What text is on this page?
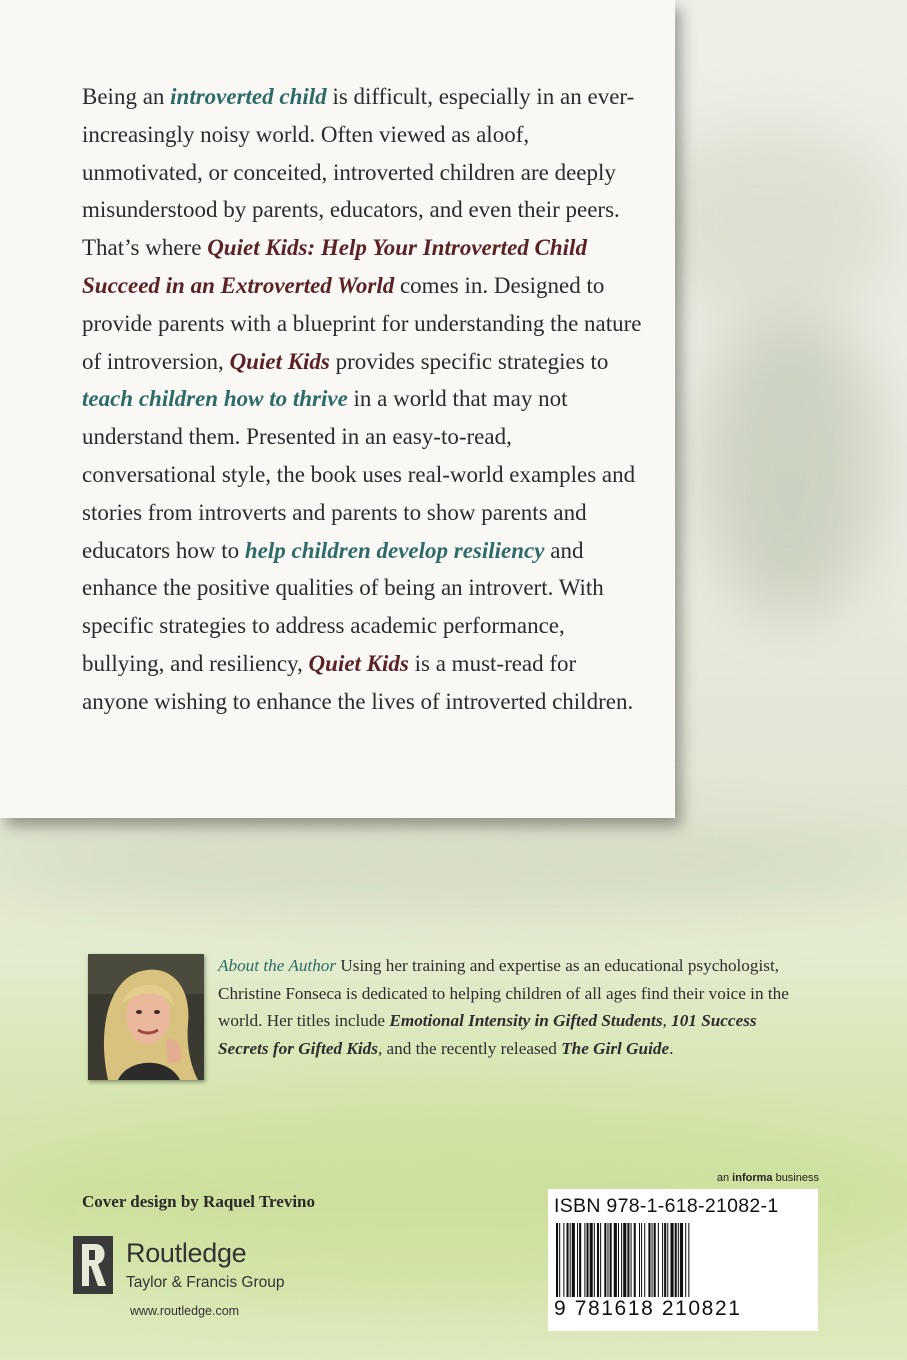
Being an introverted child is difficult, especially in an ever-increasingly noisy world. Often viewed as aloof, unmotivated, or conceited, introverted children are deeply misunderstood by parents, educators, and even their peers. That’s where Quiet Kids: Help Your Introverted Child Succeed in an Extroverted World comes in. Designed to provide parents with a blueprint for understanding the nature of introversion, Quiet Kids provides specific strategies to teach children how to thrive in a world that may not understand them. Presented in an easy-to-read, conversational style, the book uses real-world examples and stories from introverts and parents to show parents and educators how to help children develop resiliency and enhance the positive qualities of being an introvert. With specific strategies to address academic performance, bullying, and resiliency, Quiet Kids is a must-read for anyone wishing to enhance the lives of introverted children.
About the Author Using her training and expertise as an educational psychologist, Christine Fonseca is dedicated to helping children of all ages find their voice in the world. Her titles include Emotional Intensity in Gifted Students, 101 Success Secrets for Gifted Kids, and the recently released The Girl Guide.
Cover design by Raquel Trevino
Routledge
Taylor & Francis Group
www.routledge.com
an informa business
ISBN 978-1-618-21082-1
9 781618 210821
